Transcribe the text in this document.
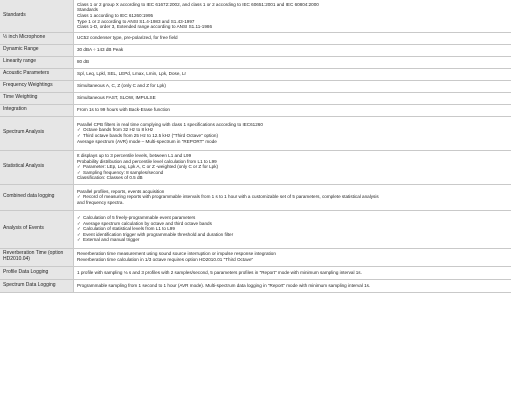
Standards	Class 1 or 2 group X according to IEC 61672:2002, and class 1 or 2 according to IEC 60651:2001 and IEC 60804:2000
Standards
Class 1 according to IEC 61260:1995
Type 1 or 2 according to ANSI S1.4-1983 and S1.43-1997
Class 1-D, order 3, Extended range according to ANSI S1.11-1986

½ inch Microphone	UC52 condenser type, pre-polarized, for free field

Dynamic Range	30 dBA ÷ 143 dB Peak

Linearity range	80 dB

Acoustic Parameters	Spl, Leq, Lpkl, SEL, LEPd, Lmax, Lmin, Lpk, Dose, Lr

Frequency Weightings	Simultaneous A, C, Z (only C and Z for Lpk)

Time Weighting	Simultaneous FAST, SLOW, IMPULSE

Integration	From 1s to 99 hours with Back-Erase function

Spectrum Analysis	Parallel CPB filters in real time complying with class 1 specifications according to IEC61260
✓ Octave bands from 32 Hz to 8 kHz
✓ Third octave bands from 25 Hz to 12.5 kHz ("Third Octave" option)
Average spectrum (AVR) mode – Multi-spectrum in "REPORT" mode

Statistical Analysis	It displays up to 3 percentile levels, between L1 and L99
Probability distribution and percentile level calculation from L1 to L99
✓ Parameter: LEp, Leq, Lpk A, C or Z -weighted (only C or Z for Lpk)
✓ Sampling frequency: 8 samples/second
Classification: Classes of 0.5 dB

Combined data logging	Parallel profiles, reports, events acquisition
✓ Record of measuring reports with programmable intervals from 1 s to 1 hour with a customizable set of 5 parameters, complete statistical analysis
and frequency spectra.

Analysis of Events	✓ Calculation of 5 freely-programmable event parameters
✓ Average spectrum calculation by octave and third octave bands
✓ Calculation of statistical levels from L1 to L99
✓ Event identification trigger with programmable threshold and duration filter
✓ External and manual trigger

Reverberation Time (option HD2010.04)	Reverberation time measurement using sound source interruption or impulse response integration
Reverberation time calculation in 1/3 octave requires option HD2010.01 "Third Octave"

Profile Data Logging	1 profile with sampling ⅛ s and 3 profiles with 2 samples/second, 5 parameters profiles in "Report" mode with minimum sampling interval 1s.

Spectrum Data Logging	Programmable sampling from 1 second to 1 hour (AVR mode). Multi-spectrum data logging in "Report" mode with minimum sampling interval 1s.
